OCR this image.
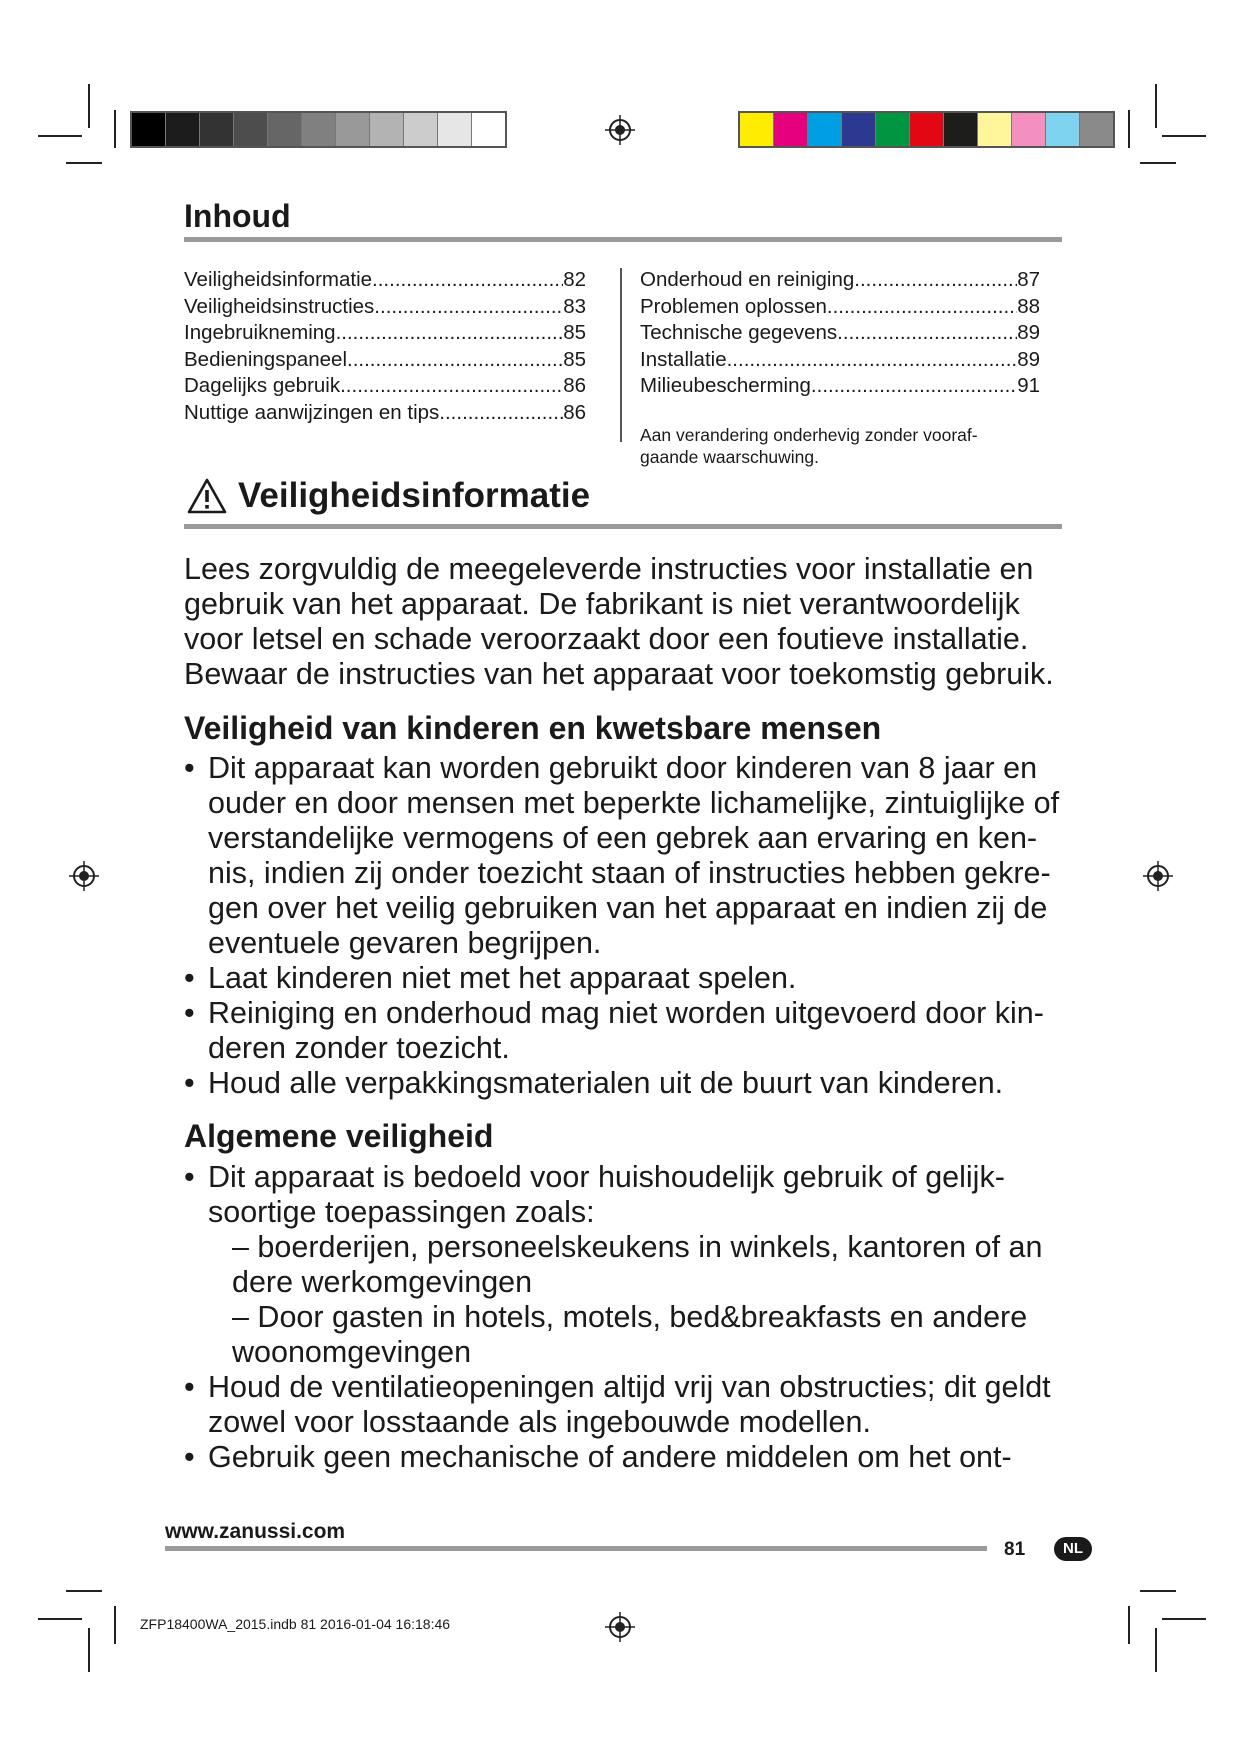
Inhoud
Veiligheidsinformatie .....	82
Veiligheidsinstructies .....	83
Ingebruikneming .....	85
Bedieningspaneel .....	85
Dagelijks gebruik .....	86
Nuttige aanwijzingen en tips .....	86
Onderhoud en reiniging .....	87
Problemen oplossen... .....	88
Technische gegevens .....	89
Installatie .....	89
Milieubescherming .....	91
Aan verandering onderhevig zonder vooraf-
gaande waarschuwing.
Veiligheidsinformatie
Lees zorgvuldig de meegeleverde instructies voor installatie en
gebruik van het apparaat. De fabrikant is niet verantwoordelijk
voor letsel en schade veroorzaakt door een foutieve installatie.
Bewaar de instructies van het apparaat voor toekomstig gebruik.
Veiligheid van kinderen en kwetsbare mensen
• Dit apparaat kan worden gebruikt door kinderen van 8 jaar en
ouder en door mensen met beperkte lichamelijke, zintuiglijke of
verstandelijke vermogens of een gebrek aan ervaring en ken-
nis, indien zij onder toezicht staan of instructies hebben gekre-
gen over het veilig gebruiken van het apparaat en indien zij de
eventuele gevaren begrijpen.
• Laat kinderen niet met het apparaat spelen.
• Reiniging en onderhoud mag niet worden uitgevoerd door kin-
deren zonder toezicht.
• Houd alle verpakkingsmaterialen uit de buurt van kinderen.
Algemene veiligheid
• Dit apparaat is bedoeld voor huishoudelijk gebruik of gelijk-
soortige toepassingen zoals:
– boerderijen, personeelskeukens in winkels, kantoren of an
dere werkomgevingen
– Door gasten in hotels, motels, bed&breakfasts en andere
woonomgevingen
• Houd de ventilatieopeningen altijd vrij van obstructies; dit geldt
zowel voor losstaande als ingebouwde modellen.
• Gebruik geen mechanische of andere middelen om het ont-
www.zanussi.com
81	NL
ZFP18400WA_2015.indb 81 2016-01-04 16:18:46
